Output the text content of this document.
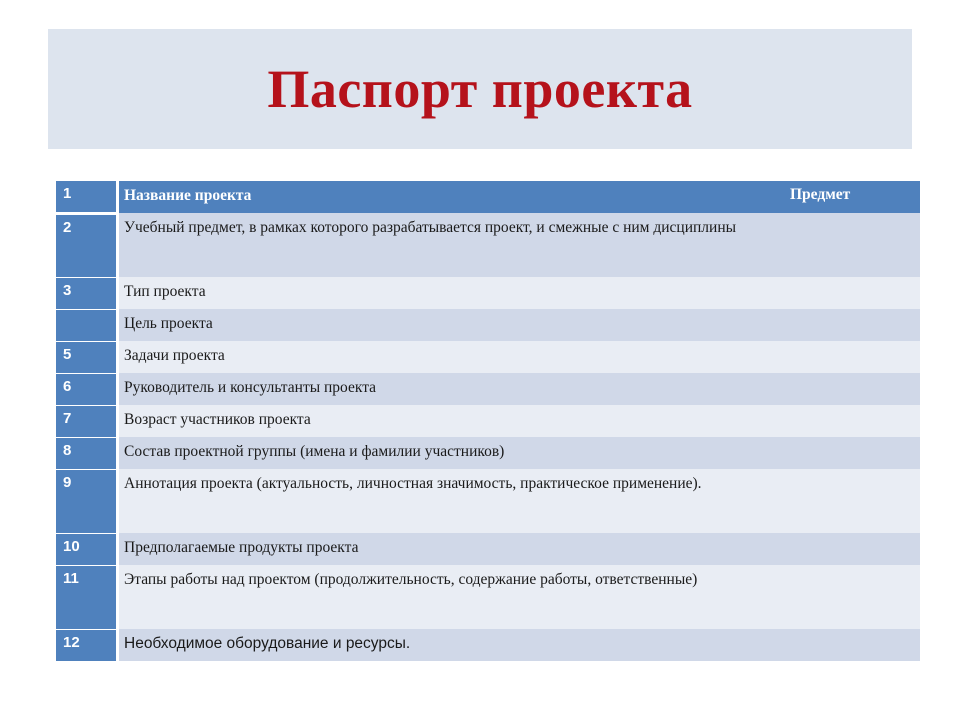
Паспорт проекта
1		Название проекта	Предмет
2		Учебный предмет, в рамках которого разрабатывается проект, и смежные с ним дисциплины	

3		Тип проекта	

		Цель проекта	

5		Задачи проекта	

6		Руководитель и консультанты проекта	

7		Возраст участников проекта	

8		Состав проектной группы (имена и фамилии участников)	

9		Аннотация проекта (актуальность, личностная значимость, практическое применение).	

10		Предполагаемые продукты проекта	

11		Этапы работы над проектом (продолжительность, содержание работы, ответственные)	

12		Необходимое оборудование и ресурсы.	
